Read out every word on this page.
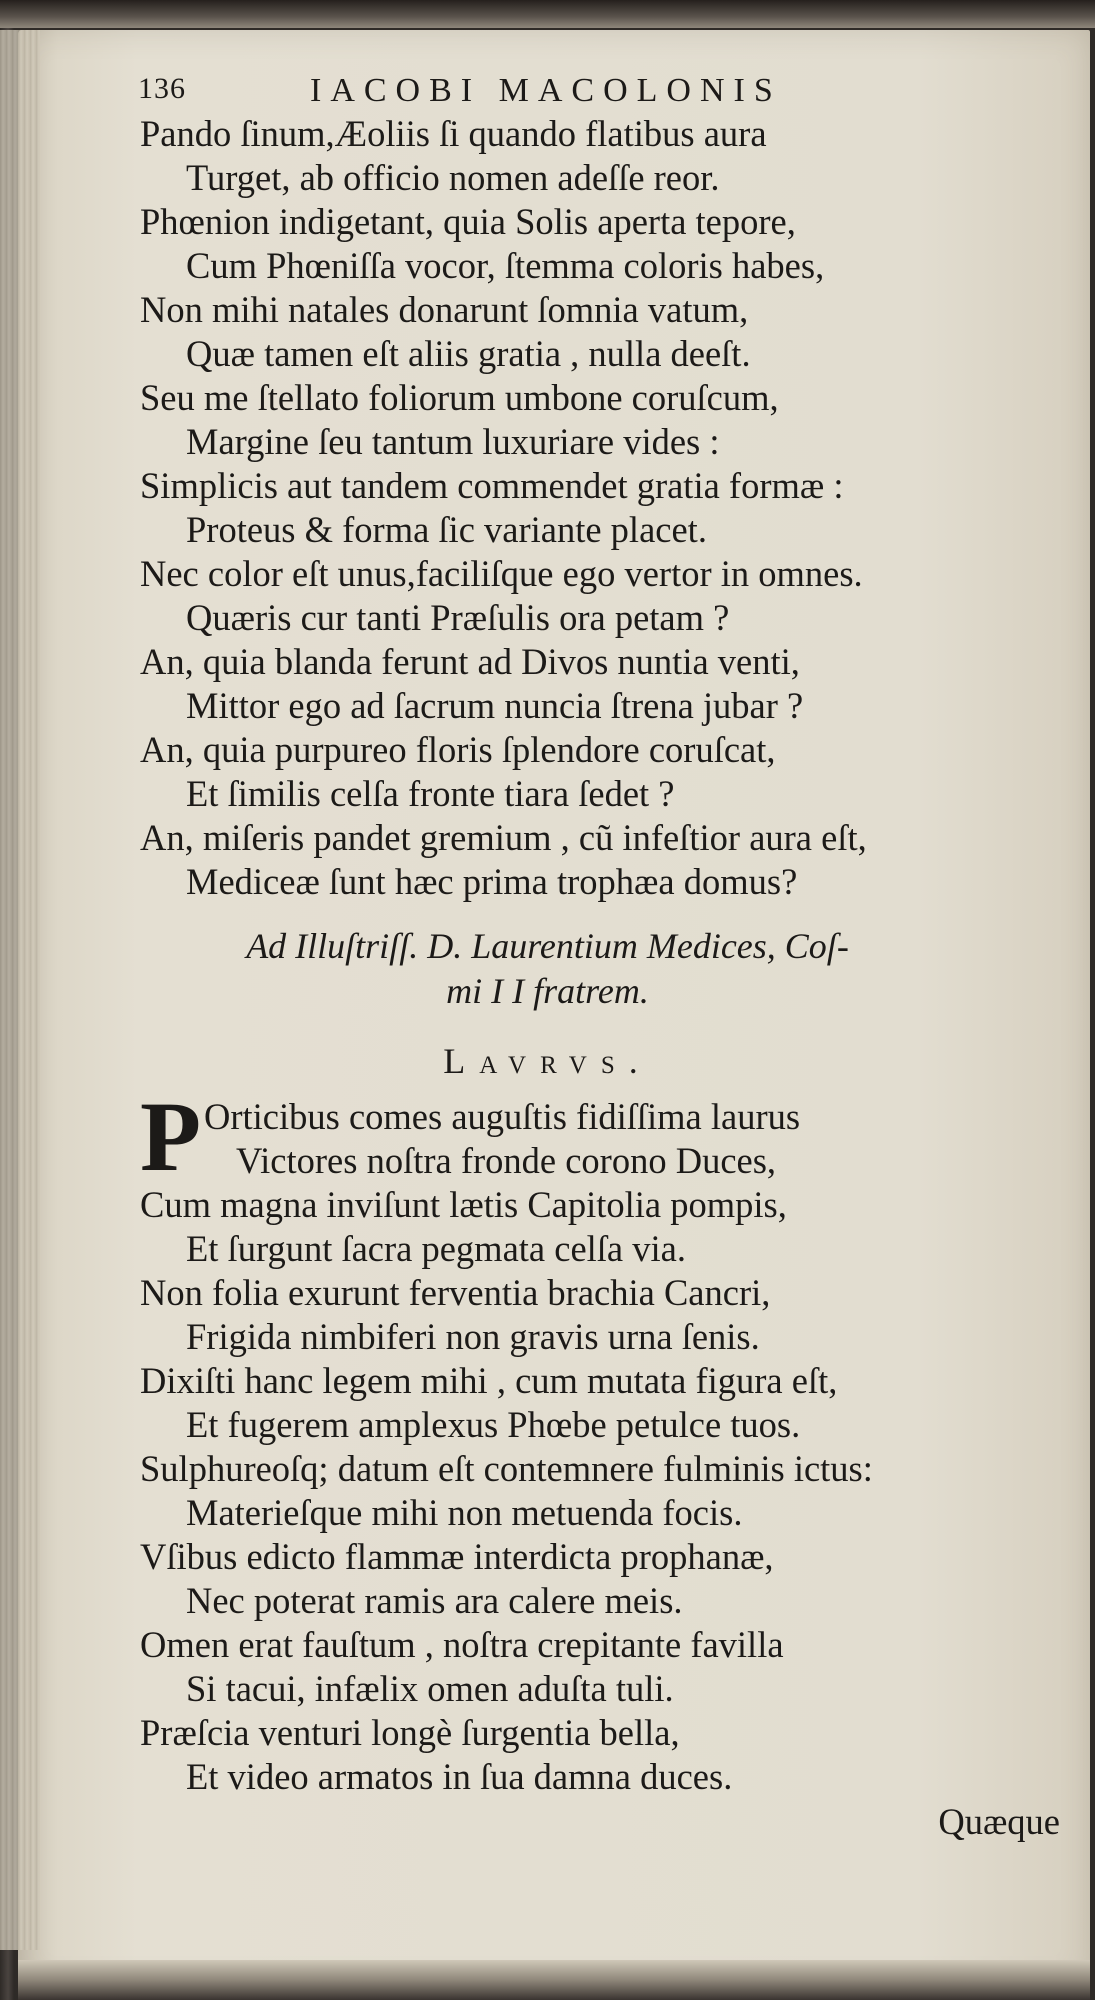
136	IACOBI MACOLONIS
Pando ſinum,Æoliis ſi quando flatibus aura
Turget, ab officio nomen adeſſe reor.
Phœnion indigetant, quia Solis aperta tepore,
Cum Phœniſſa vocor, ſtemma coloris habes,
Non mihi natales donarunt ſomnia vatum,
Quæ tamen eſt aliis gratia , nulla deeſt.
Seu me ſtellato foliorum umbone coruſcum,
Margine ſeu tantum luxuriare vides :
Simplicis aut tandem commendet gratia formæ :
Proteus & forma ſic variante placet.
Nec color eſt unus,faciliſque ego vertor in omnes.
Quæris cur tanti Præſulis ora petam ?
An, quia blanda ferunt ad Divos nuntia venti,
Mittor ego ad ſacrum nuncia ſtrena jubar ?
An, quia purpureo floris ſplendore coruſcat,
Et ſimilis celſa fronte tiara ſedet ?
An, miſeris pandet gremium , cũ infeſtior aura eſt,
Mediceæ ſunt hæc prima trophæa domus?
Ad Illuſtriſſ. D. Laurentium Medices, Coſ-
mi I I fratrem.
Lavrvs.
P Orticibus comes auguſtis fidiſſima laurus
Victores noſtra fronde corono Duces,
Cum magna inviſunt lætis Capitolia pompis,
Et ſurgunt ſacra pegmata celſa via.
Non folia exurunt ferventia brachia Cancri,
Frigida nimbiferi non gravis urna ſenis.
Dixiſti hanc legem mihi , cum mutata figura eſt,
Et fugerem amplexus Phœbe petulce tuos.
Sulphureoſq; datum eſt contemnere fulminis ictus:
Materieſque mihi non metuenda focis.
Vſibus edicto flammæ interdicta prophanæ,
Nec poterat ramis ara calere meis.
Omen erat fauſtum , noſtra crepitante favilla
Si tacui, infælix omen aduſta tuli.
Præſcia venturi longè ſurgentia bella,
Et video armatos in ſua damna duces.
Quæque
